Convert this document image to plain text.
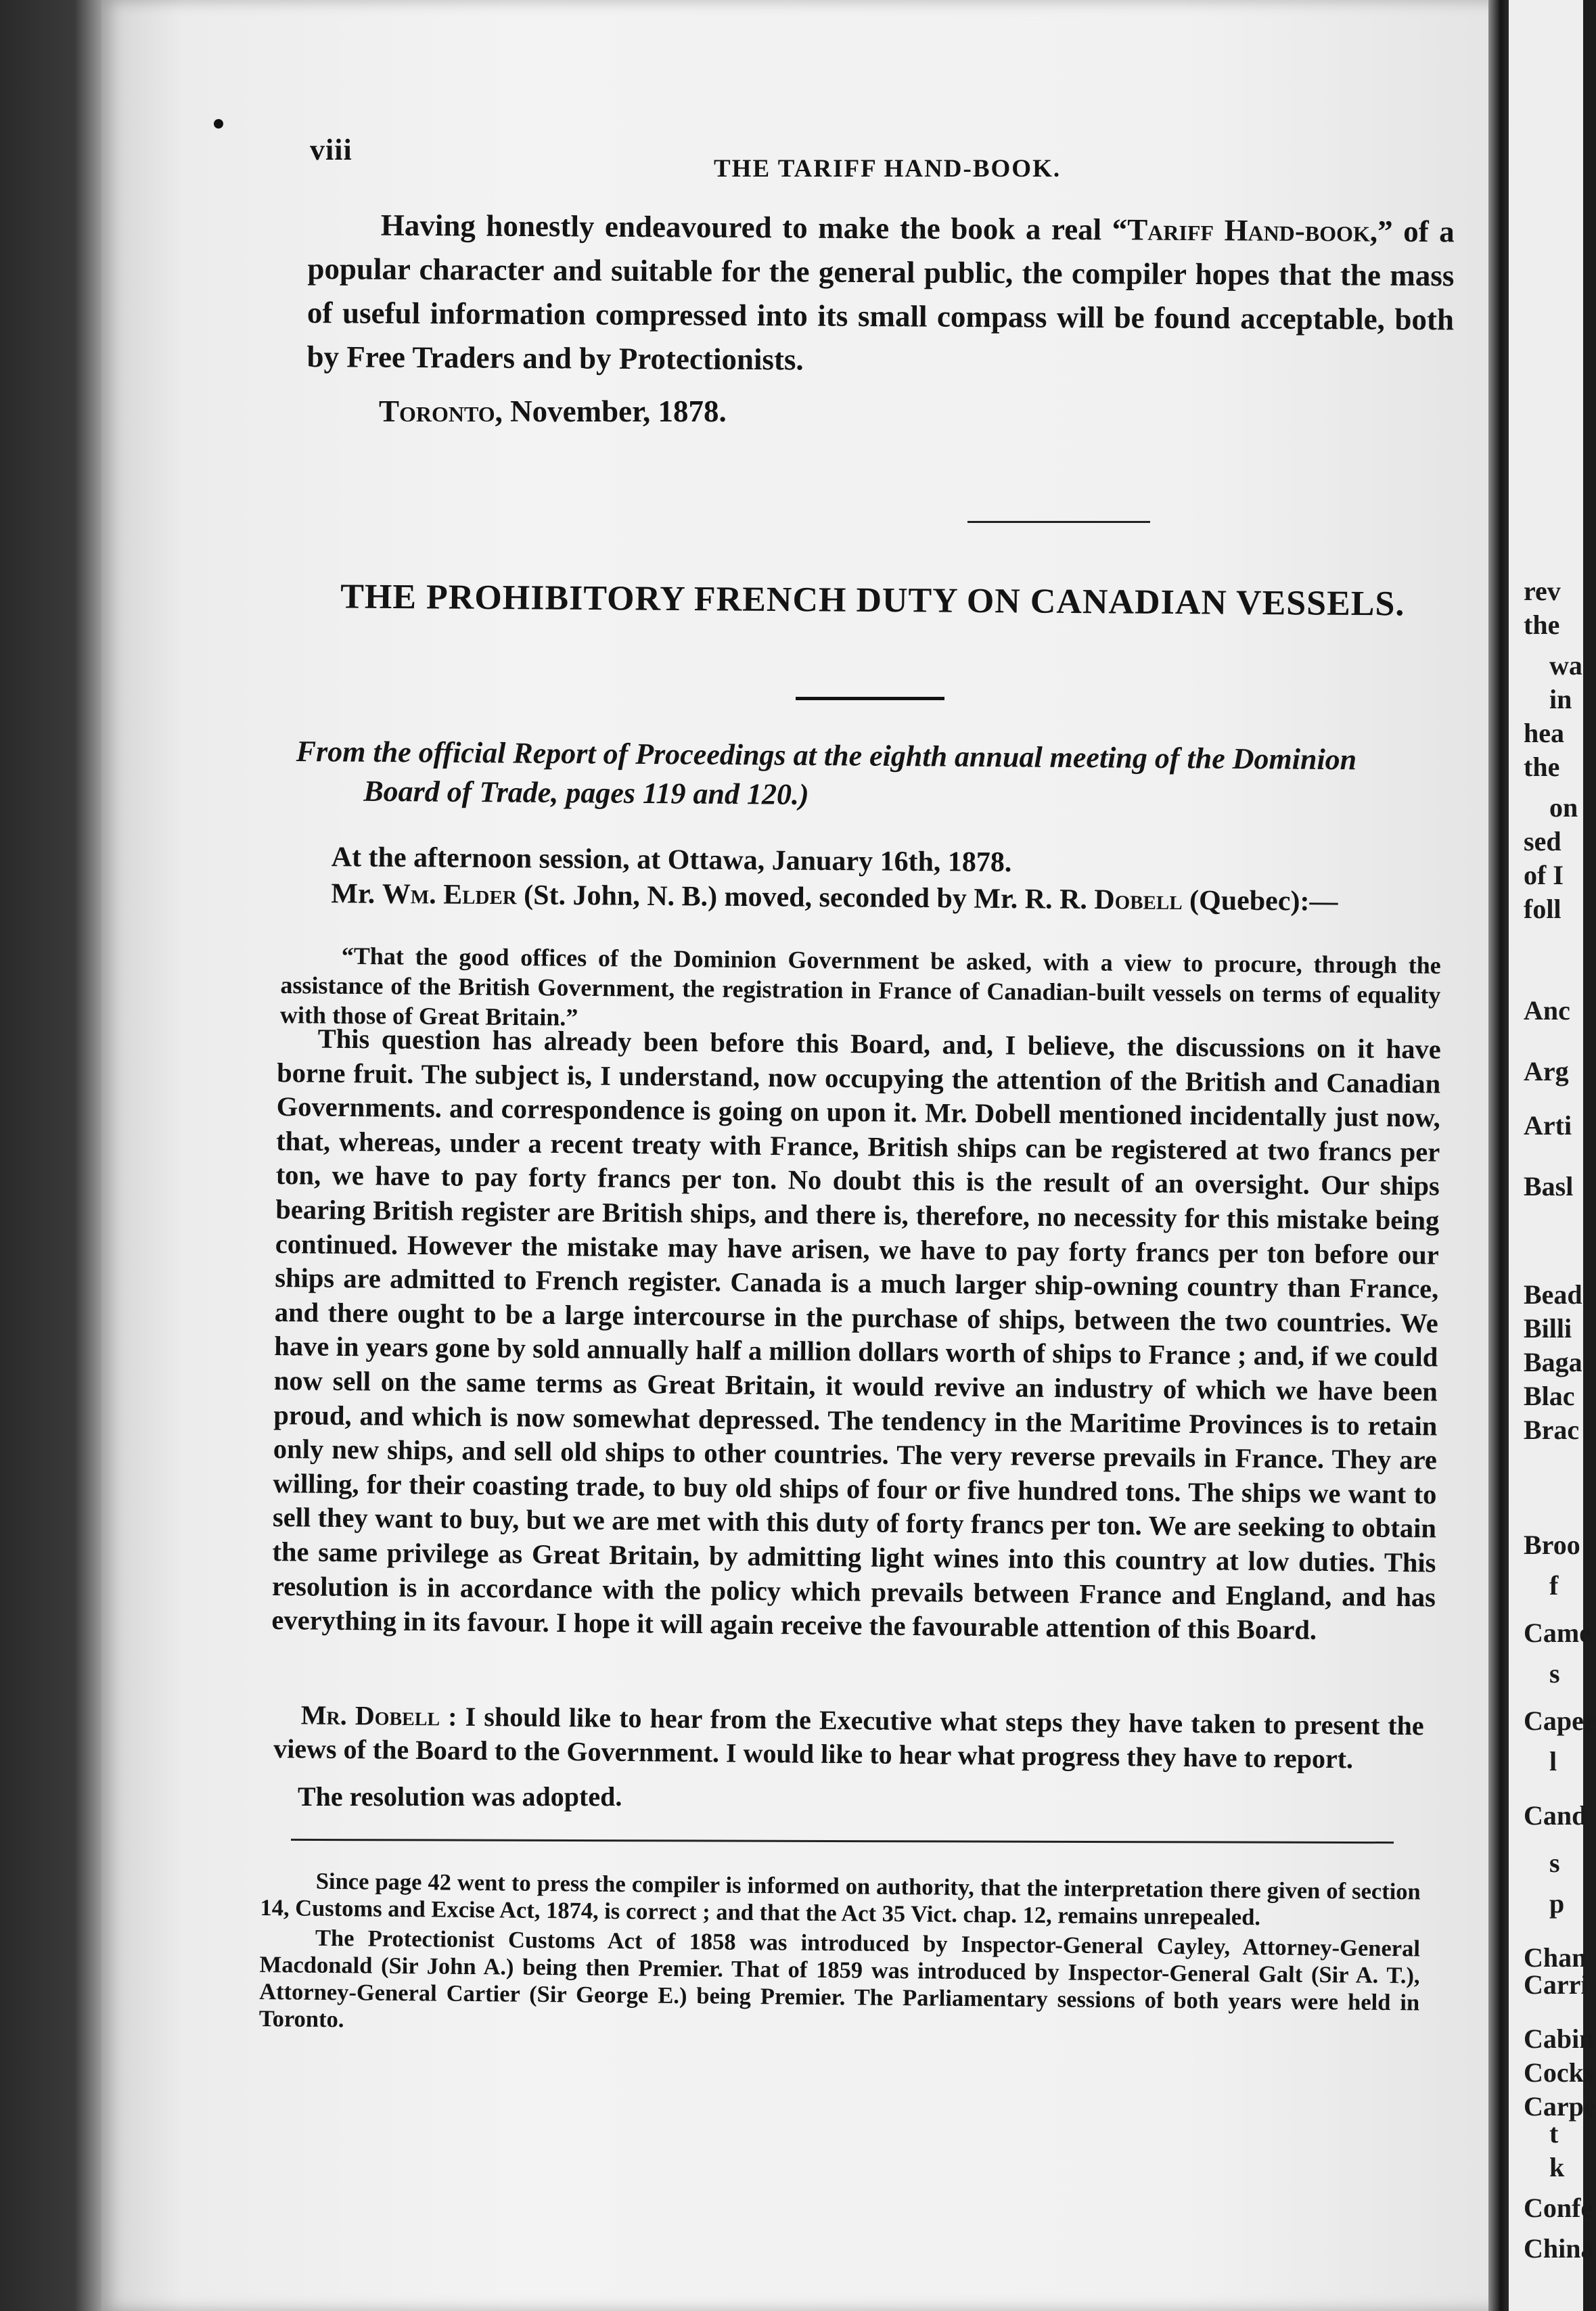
viii
THE TARIFF HAND-BOOK.

Having honestly endeavoured to make the book a real “Tariff Hand-book,” of a popular character and suitable for the general public, the compiler hopes that the mass of useful information compressed into its small compass will be found acceptable, both by Free Traders and by Protectionists.

Toronto, November, 1878.
THE PROHIBITORY FRENCH DUTY ON CANADIAN VESSELS.
From the official Report of Proceedings at the eighth annual meeting of the Dominion
Board of Trade, pages 119 and 120.)

At the afternoon session, at Ottawa, January 16th, 1878.

Mr. Wm. Elder (St. John, N. B.) moved, seconded by Mr. R. R. Dobell (Quebec):—

“That the good offices of the Dominion Government be asked, with a view to procure, through the assistance of the British Government, the registration in France of Canadian-built vessels on terms of equality with those of Great Britain.”

This question has already been before this Board, and, I believe, the discussions on it have borne fruit. The subject is, I understand, now occupying the attention of the British and Canadian Governments. and correspondence is going on upon it. Mr. Dobell mentioned incidentally just now, that, whereas, under a recent treaty with France, British ships can be registered at two francs per ton, we have to pay forty francs per ton. No doubt this is the result of an oversight. Our ships bearing British register are British ships, and there is, therefore, no necessity for this mistake being continued. However the mistake may have arisen, we have to pay forty francs per ton before our ships are admitted to French register. Canada is a much larger ship-owning country than France, and there ought to be a large intercourse in the purchase of ships, between the two countries. We have in years gone by sold annually half a million dollars worth of ships to France ; and, if we could now sell on the same terms as Great Britain, it would revive an industry of which we have been proud, and which is now somewhat depressed. The tendency in the Maritime Provinces is to retain only new ships, and sell old ships to other countries. The very reverse prevails in France. They are willing, for their coasting trade, to buy old ships of four or five hundred tons. The ships we want to sell they want to buy, but we are met with this duty of forty francs per ton. We are seeking to obtain the same privilege as Great Britain, by admitting light wines into this country at low duties. This resolution is in accordance with the policy which prevails between France and England, and has everything in its favour. I hope it will again receive the favourable attention of this Board.

Mr. Dobell : I should like to hear from the Executive what steps they have taken to present the views of the Board to the Government. I would like to hear what progress they have to report.

The resolution was adopted.

Since page 42 went to press the compiler is informed on authority, that the interpretation there given of section 14, Customs and Excise Act, 1874, is correct ; and that the Act 35 Vict. chap. 12, remains unrepealed.

The Protectionist Customs Act of 1858 was introduced by Inspector-General Cayley, Attorney-General Macdonald (Sir John A.) being then Premier. That of 1859 was introduced by Inspector-General Galt (Sir A. T.), Attorney-General Cartier (Sir George E.) being Premier. The Parliamentary sessions of both years were held in Toronto.

rev
the
wa
in
hea
the
on
sed
of I
foll
Anc
Arg
Arti
Basl
Bead
Billi
Baga
Blac
Brac
Broo
f
Came
s
Caper
l
Cand
s
p
Chan
Carri
Cabin
Cocks
Carpe
t
k
Confe
China
